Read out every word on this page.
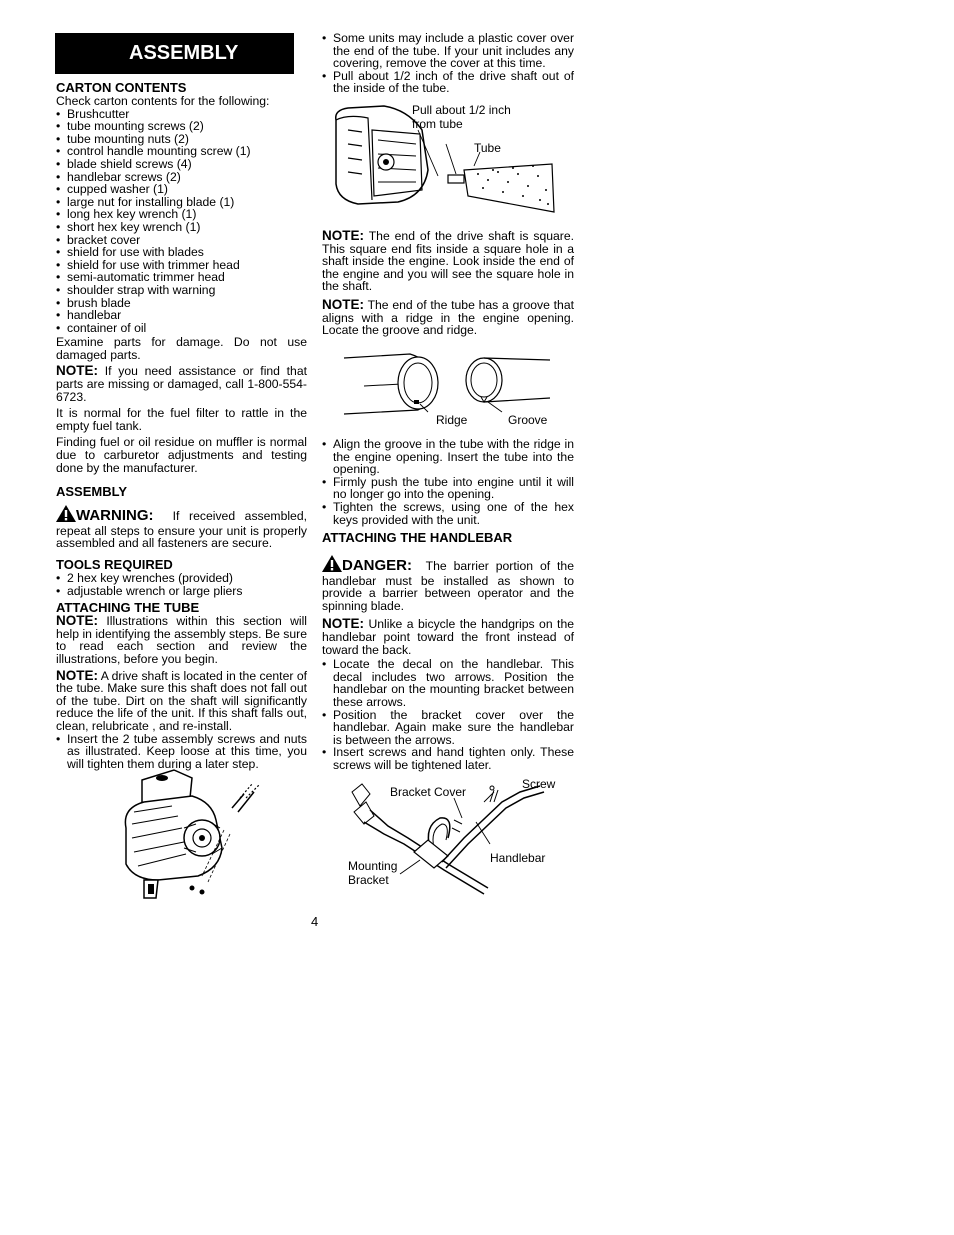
ASSEMBLY
CARTON CONTENTS

Check carton contents for the following:

• Brushcutter
• tube mounting screws (2)
• tube mounting nuts (2)
• control handle mounting screw (1)
• blade shield screws (4)
• handlebar screws (2)
• cupped washer (1)
• large nut for installing blade (1)
• long hex key wrench (1)
• short hex key wrench (1)
• bracket cover
• shield for use with blades
• shield for use with trimmer head
• semi-automatic trimmer head
• shoulder strap with warning
• brush blade
• handlebar
• container of oil

Examine parts for damage. Do not use damaged parts.

NOTE: If you need assistance or find that parts are missing or damaged, call 1-800-554-6723.

It is normal for the fuel filter to rattle in the empty fuel tank.

Finding fuel or oil residue on muffler is normal due to carburetor adjustments and testing done by the manufacturer.

ASSEMBLY

WARNING: If received assembled, repeat all steps to ensure your unit is properly assembled and all fasteners are secure.

TOOLS REQUIRED
• 2 hex key wrenches (provided)
• adjustable wrench or large pliers
ATTACHING THE TUBE

NOTE: Illustrations within this section will help in identifying the assembly steps. Be sure to read each section and review the illustrations, before you begin.

NOTE: A drive shaft is located in the center of the tube. Make sure this shaft does not fall out of the tube. Dirt on the shaft will significantly reduce the life of the unit. If this shaft falls out, clean, relubricate , and re-install.

• Insert the 2 tube assembly screws and nuts as illustrated. Keep loose at this time, you will tighten them during a later step.
4
• Some units may include a plastic cover over the end of the tube. If your unit includes any covering, remove the cover at this time.
• Pull about 1/2 inch of the drive shaft out of the inside of the tube.

NOTE: The end of the drive shaft is square. This square end fits inside a square hole in a shaft inside the engine. Look inside the end of the engine and you will see the square hole in the shaft.

NOTE: The end of the tube has a groove that aligns with a ridge in the engine opening. Locate the groove and ridge.

• Align the groove in the tube with the ridge in the engine opening. Insert the tube into the opening.
• Firmly push the tube into engine until it will no longer go into the opening.
• Tighten the screws, using one of the hex keys provided with the unit.
ATTACHING THE HANDLEBAR

DANGER: The barrier portion of the handlebar must be installed as shown to provide a barrier between operator and the spinning blade.

NOTE: Unlike a bicycle the handgrips on the handlebar point toward the front instead of toward the back.

• Locate the decal on the handlebar. This decal includes two arrows. Position the handlebar on the mounting bracket between these arrows.
• Position the bracket cover over the handlebar. Again make sure the handlebar is between the arrows.
• Insert screws and hand tighten only. These screws will be tightened later.
Pull about 1/2 inch
from tube
Tube
Ridge	Groove
Bracket Cover
Screw
Handlebar
Mounting
Bracket
